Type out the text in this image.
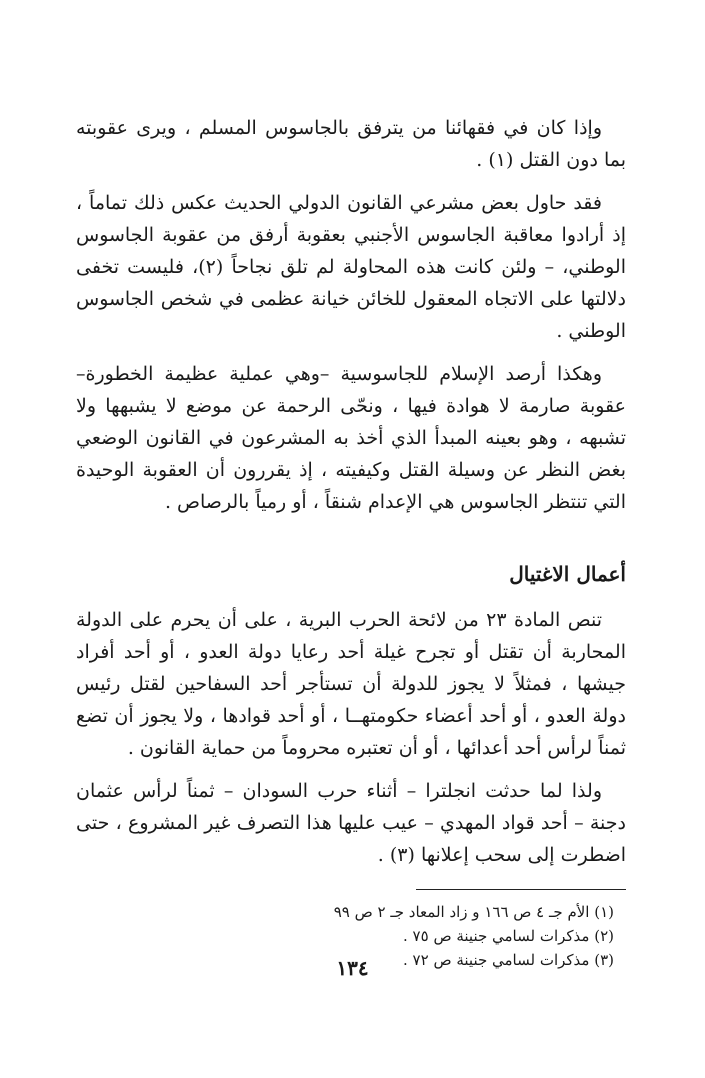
وإذا كان في فقهائنا من يترفق بالجاسوس المسلم ، ويرى عقوبته بما دون القتل (١) .

فقد حاول بعض مشرعي القانون الدولي الحديث عكس ذلك تماماً ، إذ أرادوا معاقبة الجاسوس الأجنبي بعقوبة أرفق من عقوبة الجاسوس الوطني، – ولئن كانت هذه المحاولة لم تلق نجاحاً (٢)، فليست تخفى دلالتها على الاتجاه المعقول للخائن خيانة عظمى في شخص الجاسوس الوطني .

وهكذا أرصد الإسلام للجاسوسية –وهي عملية عظيمة الخطورة– عقوبة صارمة لا هوادة فيها ، ونحّى الرحمة عن موضع لا يشبهها ولا تشبهه ، وهو بعينه المبدأ الذي أخذ به المشرعون في القانون الوضعي بغض النظر عن وسيلة القتل وكيفيته ، إذ يقررون أن العقوبة الوحيدة التي تنتظر الجاسوس هي الإعدام شنقاً ، أو رمياً بالرصاص .

أعمال الاغتيال

تنص المادة ٢٣ من لائحة الحرب البرية ، على أن يحرم على الدولة المحاربة أن تقتل أو تجرح غيلة أحد رعايا دولة العدو ، أو أحد أفراد جيشها ، فمثلاً لا يجوز للدولة أن تستأجر أحد السفاحين لقتل رئيس دولة العدو ، أو أحد أعضاء حكومتهــا ، أو أحد قوادها ، ولا يجوز أن تضع ثمناً لرأس أحد أعدائها ، أو أن تعتبره محروماً من حماية القانون .

ولذا لما حدثت انجلترا – أثناء حرب السودان – ثمناً لرأس عثمان دجنة – أحد قواد المهدي – عيب عليها هذا التصرف غير المشروع ، حتى اضطرت إلى سحب إعلانها (٣) .

(١) الأم جـ ٤ ص ١٦٦ و زاد المعاد جـ ٢ ص ٩٩

(٢) مذكرات لسامي جنينة ص ٧٥ .

(٣) مذكرات لسامي جنينة ص ٧٢ .

١٣٤
